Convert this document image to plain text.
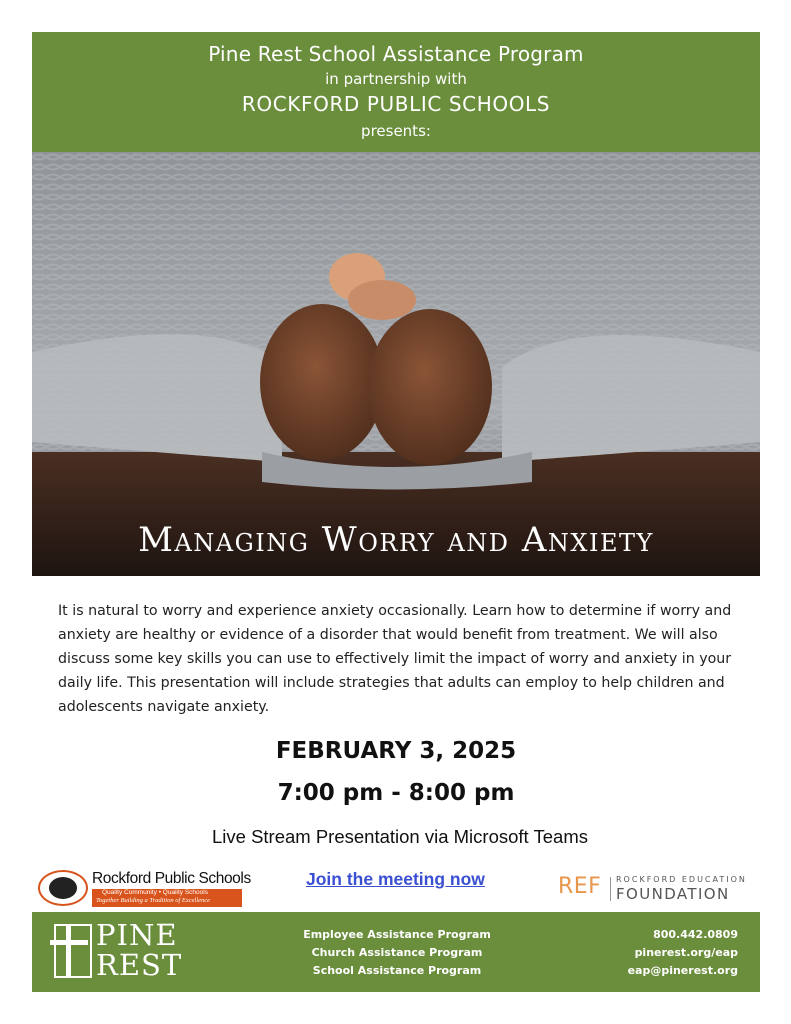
Pine Rest School Assistance Program
in partnership with
ROCKFORD PUBLIC SCHOOLS
presents:
Managing Worry and Anxiety
It is natural to worry and experience anxiety occasionally. Learn how to determine if worry and anxiety are healthy or evidence of a disorder that would benefit from treatment. We will also discuss some key skills you can use to effectively limit the impact of worry and anxiety in your daily life. This presentation will include strategies that adults can employ to help children and adolescents navigate anxiety.
FEBRUARY 3, 2025
7:00 pm - 8:00 pm
Live Stream Presentation via Microsoft Teams
Rockford Public Schools
Quality Community • Quality Schools
Together Building a Tradition of Excellence
Join the meeting now	REF ROCKFORD EDUCATION
FOUNDATION
PINE
REST
Employee Assistance Program
Church Assistance Program
School Assistance Program
800.442.0809
pinerest.org/eap
eap@pinerest.org
